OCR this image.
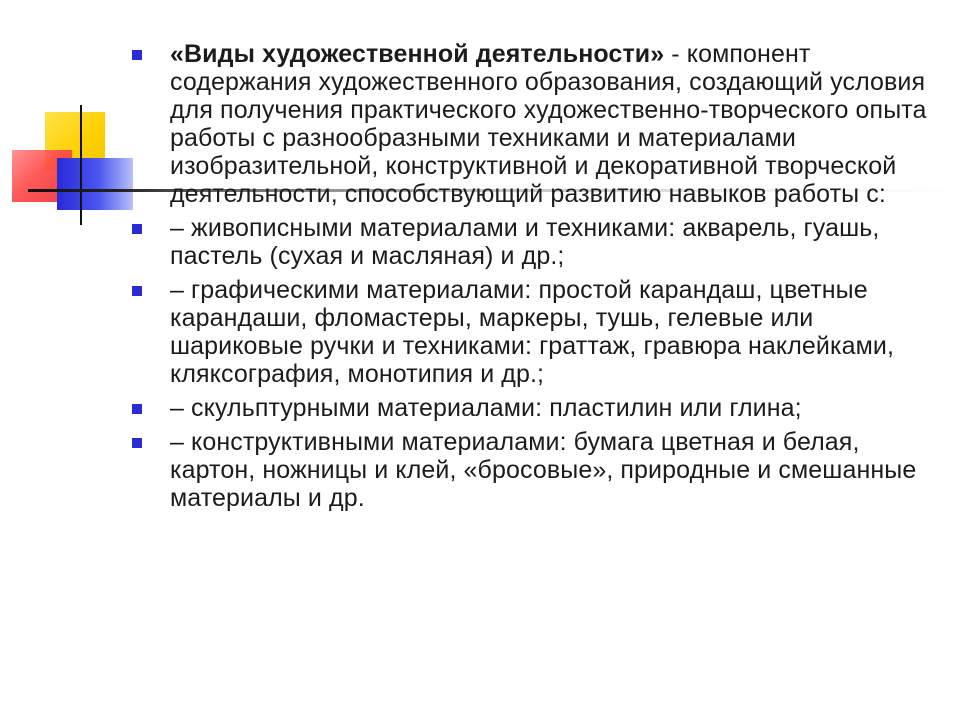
«Виды художественной деятельности» - компонент содержания художественного образования, создающий условия для получения практического художественно-творческого опыта работы с разнообразными техниками и материалами изобразительной, конструктивной и декоративной творческой деятельности, способствующий развитию навыков работы с:
– живописными материалами и техниками: акварель, гуашь, пастель (сухая и масляная) и др.;
– графическими материалами: простой карандаш, цветные карандаши, фломастеры, маркеры, тушь, гелевые или шариковые ручки и техниками: граттаж, гравюра наклейками, кляксография, монотипия и др.;
– скульптурными материалами: пластилин или глина;
– конструктивными материалами: бумага цветная и белая, картон, ножницы и клей, «бросовые», природные и смешанные материалы и др.
